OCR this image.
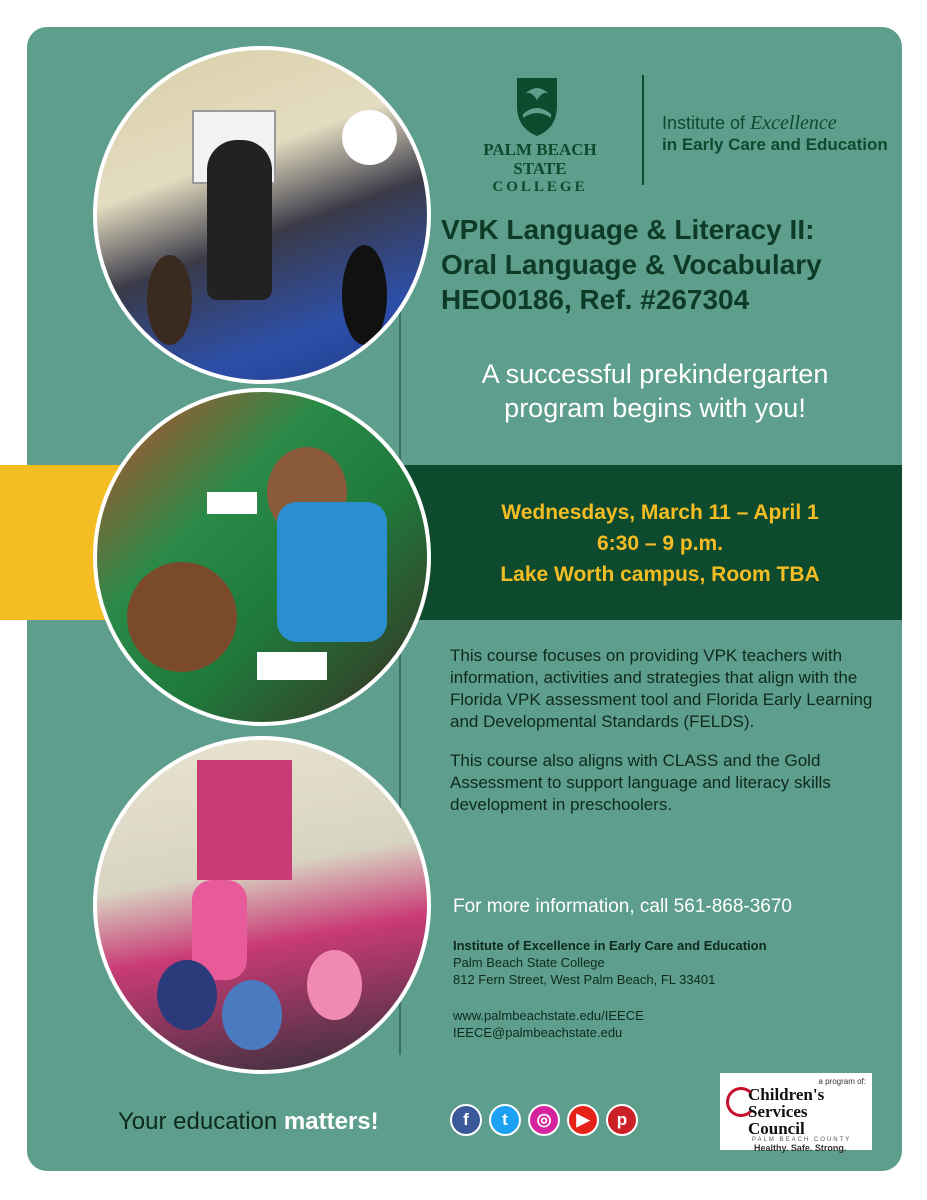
PALM BEACH STATE
COLLEGE
Institute of Excellence
in Early Care and Education
VPK Language & Literacy II:
Oral Language & Vocabulary
HEO0186, Ref. #267304
A successful prekindergarten
program begins with you!
Wednesdays, March 11 – April 1
6:30 – 9 p.m.
Lake Worth campus, Room TBA

This course focuses on providing VPK teachers with information, activities and strategies that align with the Florida VPK assessment tool and Florida Early Learning and Developmental Standards (FELDS).

This course also aligns with CLASS and the Gold Assessment to support language and literacy skills development in preschoolers.

For more information, call 561-868-3670
Institute of Excellence in Early Care and Education
Palm Beach State College
812 Fern Street, West Palm Beach, FL 33401
www.palmbeachstate.edu/IEECE
IEECE@palmbeachstate.edu
Your education matters!	f	t	◎	▶	p
a program of:
Children's
Services Council
PALM BEACH COUNTY
Healthy. Safe. Strong.
